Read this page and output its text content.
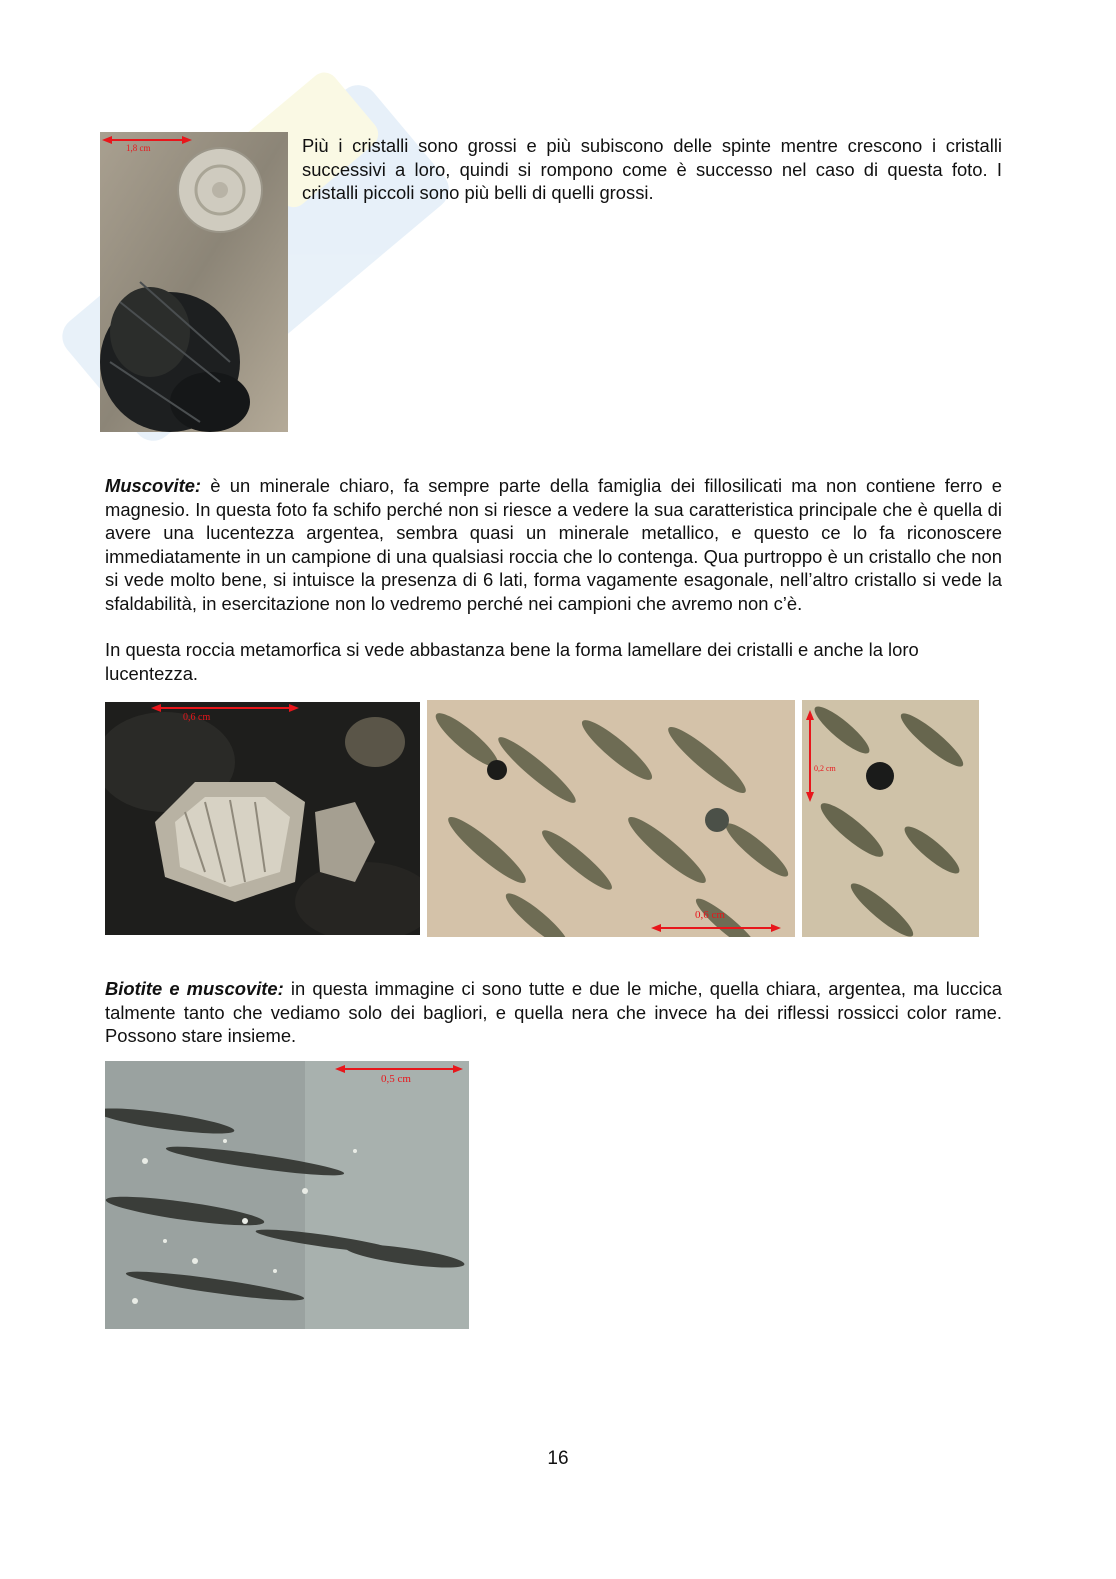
1,8 cm	Più i cristalli sono grossi e più subiscono delle spinte mentre crescono i cristalli successivi a loro, quindi si rompono come è successo nel caso di questa foto. I cristalli piccoli sono più belli di quelli grossi.

Muscovite: è un minerale chiaro, fa sempre parte della famiglia dei fillosilicati ma non contiene ferro e magnesio. In questa foto fa schifo perché non si riesce a vedere la sua caratteristica principale che è quella di avere una lucentezza argentea, sembra quasi un minerale metallico, e questo ce lo fa riconoscere immediatamente in un campione di una qualsiasi roccia che lo contenga. Qua purtroppo è un cristallo che non si vede molto bene, si intuisce la presenza di 6 lati, forma vagamente esagonale, nell’altro cristallo si vede la sfaldabilità, in esercitazione non lo vedremo perché nei campioni che avremo non c’è.

In questa roccia metamorfica si vede abbastanza bene la forma lamellare dei cristalli e anche la loro lucentezza.

0,6 cm
0,6 cm
0,2 cm

Biotite e muscovite: in questa immagine ci sono tutte e due le miche, quella chiara, argentea, ma luccica talmente tanto che vediamo solo dei bagliori, e quella nera che invece ha dei riflessi rossicci color rame. Possono stare insieme.

0,5 cm
16
